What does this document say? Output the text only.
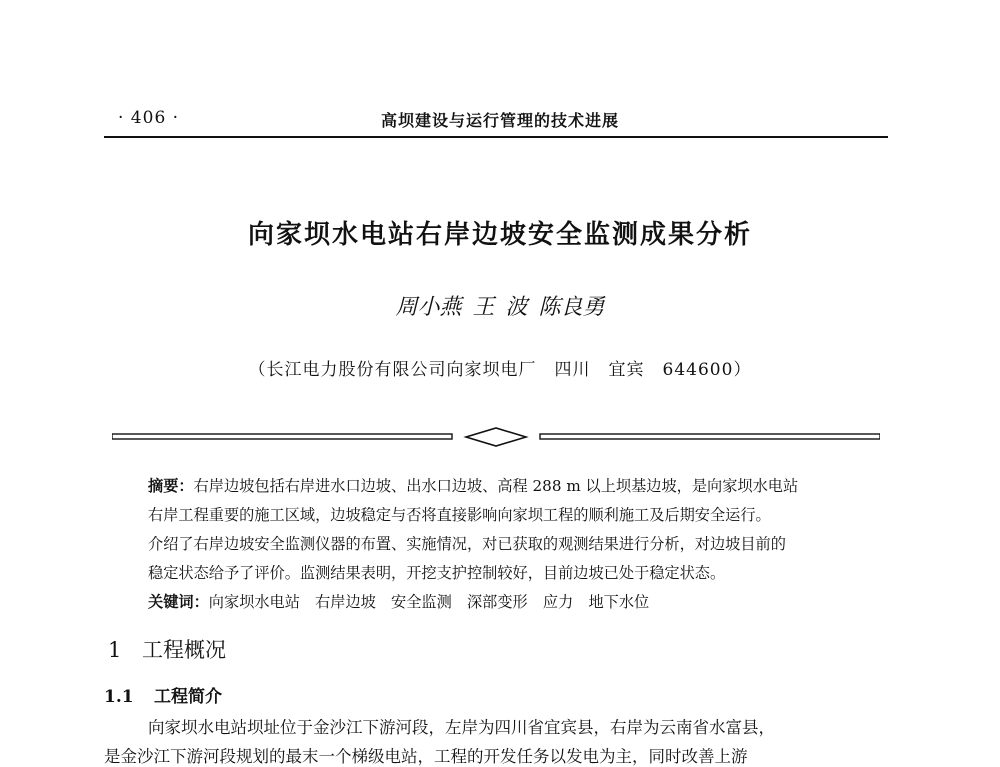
· 406 ·	高坝建设与运行管理的技术进展
向家坝水电站右岸边坡安全监测成果分析
周小燕 王 波 陈良勇
（长江电力股份有限公司向家坝电厂　四川　宜宾　644600）
摘要：右岸边坡包括右岸进水口边坡、出水口边坡、高程 288 m 以上坝基边坡，是向家坝水电站
右岸工程重要的施工区域，边坡稳定与否将直接影响向家坝工程的顺利施工及后期安全运行。
介绍了右岸边坡安全监测仪器的布置、实施情况，对已获取的观测结果进行分析，对边坡目前的
稳定状态给予了评价。监测结果表明，开挖支护控制较好，目前边坡已处于稳定状态。
关键词：向家坝水电站　右岸边坡　安全监测　深部变形　应力　地下水位
1 工程概况
1.1 工程简介
向家坝水电站坝址位于金沙江下游河段，左岸为四川省宜宾县，右岸为云南省水富县，
是金沙江下游河段规划的最末一个梯级电站，工程的开发任务以发电为主，同时改善上游
